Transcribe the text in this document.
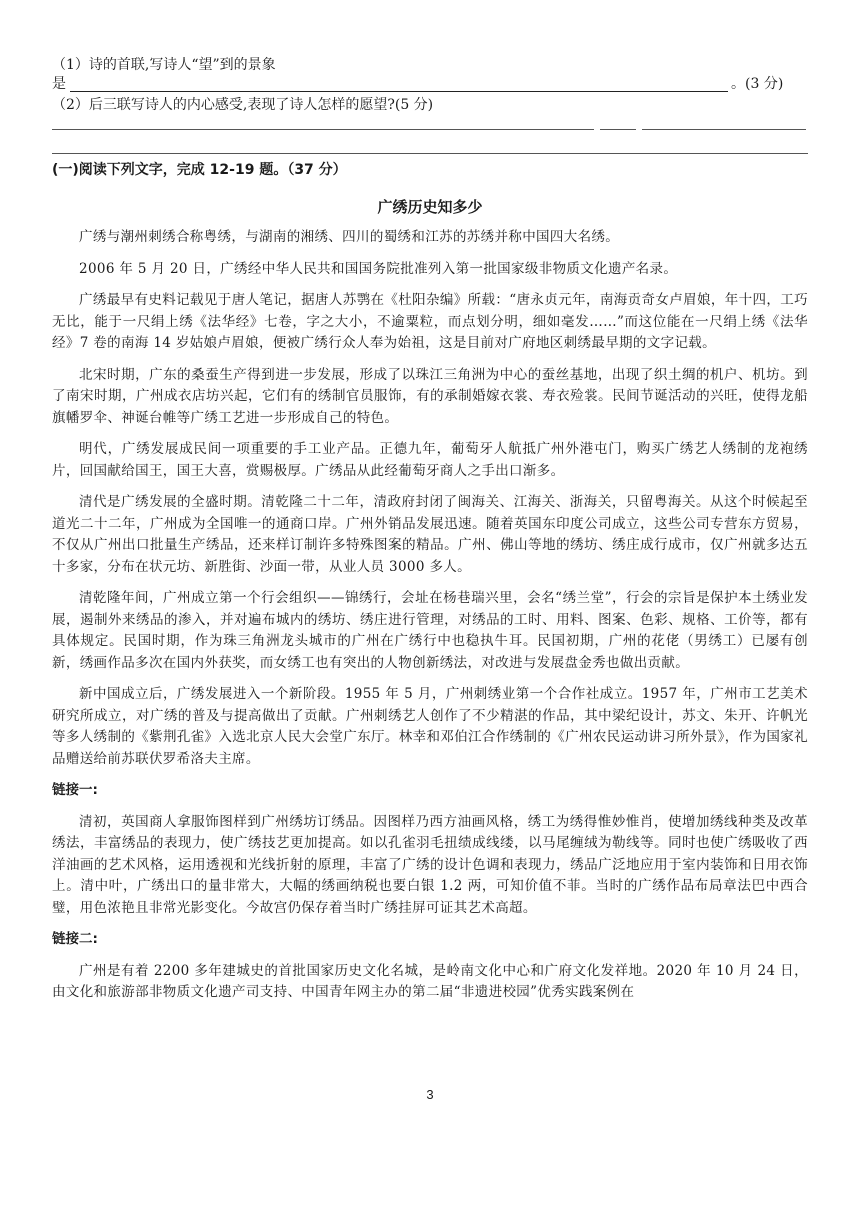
（1）诗的首联,写诗人“望”到的景象
是	。(3 分)
（2）后三联写诗人的内心感受,表现了诗人怎样的愿望?(5 分)
(一)阅读下列文字，完成 12-19 题。（37 分）
广绣历史知多少

广绣与潮州刺绣合称粤绣，与湖南的湘绣、四川的蜀绣和江苏的苏绣并称中国四大名绣。

2006 年 5 月 20 日，广绣经中华人民共和国国务院批准列入第一批国家级非物质文化遗产名录。

广绣最早有史料记载见于唐人笔记，据唐人苏鹗在《杜阳杂编》所载：“唐永贞元年，南海贡奇女卢眉娘，年十四，工巧无比，能于一尺绢上绣《法华经》七卷，字之大小，不逾粟粒，而点划分明，细如毫发……”而这位能在一尺绢上绣《法华经》7 卷的南海 14 岁姑娘卢眉娘，便被广绣行众人奉为始祖，这是目前对广府地区刺绣最早期的文字记载。

北宋时期，广东的桑蚕生产得到进一步发展，形成了以珠江三角洲为中心的蚕丝基地，出现了织土绸的机户、机坊。到了南宋时期，广州成衣店坊兴起，它们有的绣制官员服饰，有的承制婚嫁衣裳、寿衣殓裳。民间节诞活动的兴旺，使得龙船旗幡罗伞、神诞台帷等广绣工艺进一步形成自己的特色。

明代，广绣发展成民间一项重要的手工业产品。正德九年，葡萄牙人航抵广州外港屯门，购买广绣艺人绣制的龙袍绣片，回国献给国王，国王大喜，赏赐极厚。广绣品从此经葡萄牙商人之手出口渐多。

清代是广绣发展的全盛时期。清乾隆二十二年，清政府封闭了闽海关、江海关、浙海关，只留粤海关。从这个时候起至道光二十二年，广州成为全国唯一的通商口岸。广州外销品发展迅速。随着英国东印度公司成立，这些公司专营东方贸易，不仅从广州出口批量生产绣品，还来样订制许多特殊图案的精品。广州、佛山等地的绣坊、绣庄成行成市，仅广州就多达五十多家，分布在状元坊、新胜街、沙面一带，从业人员 3000 多人。

清乾隆年间，广州成立第一个行会组织——锦绣行，会址在杨巷瑞兴里，会名“绣兰堂”，行会的宗旨是保护本土绣业发展，遏制外来绣品的渗入，并对遍布城内的绣坊、绣庄进行管理，对绣品的工时、用料、图案、色彩、规格、工价等，都有具体规定。民国时期，作为珠三角洲龙头城市的广州在广绣行中也稳执牛耳。民国初期，广州的花佬（男绣工）已屡有创新，绣画作品多次在国内外获奖，而女绣工也有突出的人物创新绣法，对改进与发展盘金秀也做出贡献。

新中国成立后，广绣发展进入一个新阶段。1955 年 5 月，广州刺绣业第一个合作社成立。1957 年，广州市工艺美术研究所成立，对广绣的普及与提高做出了贡献。广州刺绣艺人创作了不少精湛的作品，其中梁纪设计，苏文、朱开、许帆光等多人绣制的《紫荆孔雀》入选北京人民大会堂广东厅。林幸和邓伯江合作绣制的《广州农民运动讲习所外景》，作为国家礼品赠送给前苏联伏罗希洛夫主席。

链接一:

清初，英国商人拿服饰图样到广州绣坊订绣品。因图样乃西方油画风格，绣工为绣得惟妙惟肖，使增加绣线种类及改革绣法，丰富绣品的表现力，使广绣技艺更加提高。如以孔雀羽毛扭绩成线缕，以马尾缠绒为勒线等。同时也使广绣吸收了西洋油画的艺术风格，运用透视和光线折射的原理，丰富了广绣的设计色调和表现力，绣品广泛地应用于室内装饰和日用衣饰上。清中叶，广绣出口的量非常大，大幅的绣画纳税也要白银 1.2 两，可知价值不菲。当时的广绣作品布局章法巴中西合璧，用色浓艳且非常光影变化。今故宫仍保存着当时广绣挂屏可证其艺术高超。

链接二:

广州是有着 2200 多年建城史的首批国家历史文化名城，是岭南文化中心和广府文化发祥地。2020 年 10 月 24 日，由文化和旅游部非物质文化遗产司支持、中国青年网主办的第二届“非遗进校园”优秀实践案例在

3
